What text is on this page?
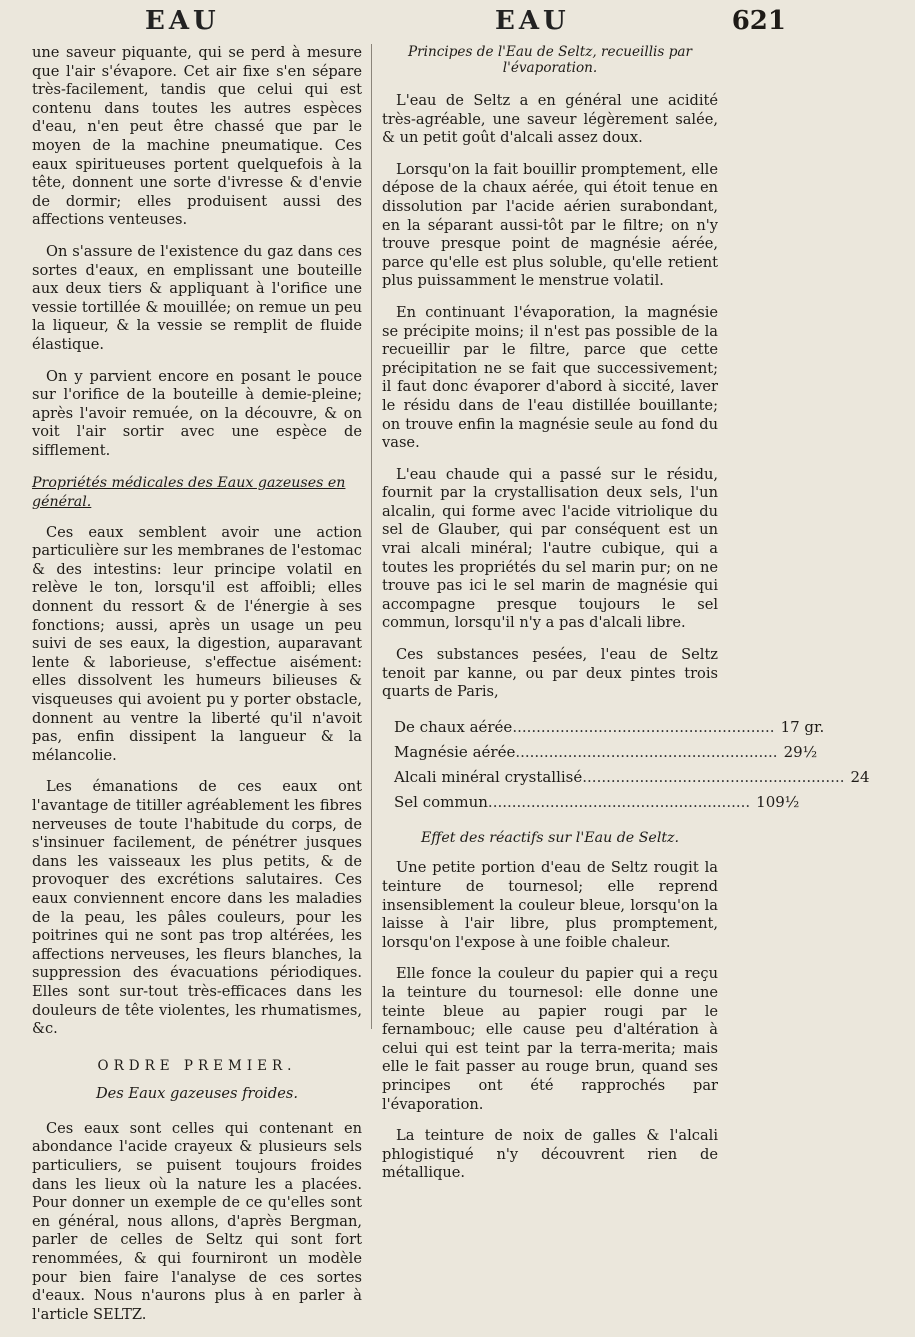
EAU	EAU	621

une saveur piquante, qui se perd à mesure que l'air s'évapore. Cet air fixe s'en sépare très-facilement, tandis que celui qui est contenu dans toutes les autres espèces d'eau, n'en peut être chassé que par le moyen de la machine pneumatique. Ces eaux spiritueuses portent quelquefois à la tête, donnent une sorte d'ivresse & d'envie de dormir; elles produisent aussi des affections venteuses.

On s'assure de l'existence du gaz dans ces sortes d'eaux, en emplissant une bouteille aux deux tiers & appliquant à l'orifice une vessie tortillée & mouillée; on remue un peu la liqueur, & la vessie se remplit de fluide élastique.

On y parvient encore en posant le pouce sur l'orifice de la bouteille à demie-pleine; après l'avoir remuée, on la découvre, & on voit l'air sortir avec une espèce de sifflement.

Propriétés médicales des Eaux gazeuses en général.

Ces eaux semblent avoir une action particulière sur les membranes de l'estomac & des intestins: leur principe volatil en relève le ton, lorsqu'il est affoibli; elles donnent du ressort & de l'énergie à ses fonctions; aussi, après un usage un peu suivi de ses eaux, la digestion, auparavant lente & laborieuse, s'effectue aisément: elles dissolvent les humeurs bilieuses & visqueuses qui avoient pu y porter obstacle, donnent au ventre la liberté qu'il n'avoit pas, enfin dissipent la langueur & la mélancolie.

Les émanations de ces eaux ont l'avantage de titiller agréablement les fibres nerveuses de toute l'habitude du corps, de s'insinuer facilement, de pénétrer jusques dans les vaisseaux les plus petits, & de provoquer des excrétions salutaires. Ces eaux conviennent encore dans les maladies de la peau, les pâles couleurs, pour les poitrines qui ne sont pas trop altérées, les affections nerveuses, les fleurs blanches, la suppression des évacuations périodiques. Elles sont sur-tout très-efficaces dans les douleurs de tête violentes, les rhumatismes, &c.

ORDRE PREMIER.
Des Eaux gazeuses froides.

Ces eaux sont celles qui contenant en abondance l'acide crayeux & plusieurs sels particuliers, se puisent toujours froides dans les lieux où la nature les a placées. Pour donner un exemple de ce qu'elles sont en général, nous allons, d'après Bergman, parler de celles de Seltz qui sont fort renommées, & qui fourniront un modèle pour bien faire l'analyse de ces sortes d'eaux. Nous n'aurons plus à en parler à l'article SELTZ.

Principes de l'Eau de Seltz, recueillis par l'évaporation.

L'eau de Seltz a en général une acidité très-agréable, une saveur légèrement salée, & un petit goût d'alcali assez doux.

Lorsqu'on la fait bouillir promptement, elle dépose de la chaux aérée, qui étoit tenue en dissolution par l'acide aérien surabondant, en la séparant aussi-tôt par le filtre; on n'y trouve presque point de magnésie aérée, parce qu'elle est plus soluble, qu'elle retient plus puissamment le menstrue volatil.

En continuant l'évaporation, la magnésie se précipite moins; il n'est pas possible de la recueillir par le filtre, parce que cette précipitation ne se fait que successivement; il faut donc évaporer d'abord à siccité, laver le résidu dans de l'eau distillée bouillante; on trouve enfin la magnésie seule au fond du vase.

L'eau chaude qui a passé sur le résidu, fournit par la crystallisation deux sels, l'un alcalin, qui forme avec l'acide vitriolique du sel de Glauber, qui par conséquent est un vrai alcali minéral; l'autre cubique, qui a toutes les propriétés du sel marin pur; on ne trouve pas ici le sel marin de magnésie qui accompagne presque toujours le sel commun, lorsqu'il n'y a pas d'alcali libre.

Ces substances pesées, l'eau de Seltz tenoit par kanne, ou par deux pintes trois quarts de Paris,

De chaux aérée ....................................................... 17 gr.
Magnésie aérée ....................................................... 29½
Alcali minéral crystallisé ....................................................... 24
Sel commun ....................................................... 109½
Effet des réactifs sur l'Eau de Seltz.

Une petite portion d'eau de Seltz rougit la teinture de tournesol; elle reprend insensiblement la couleur bleue, lorsqu'on la laisse à l'air libre, plus promptement, lorsqu'on l'expose à une foible chaleur.

Elle fonce la couleur du papier qui a reçu la teinture du tournesol: elle donne une teinte bleue au papier rougi par le fernambouc; elle cause peu d'altération à celui qui est teint par la terra-merita; mais elle le fait passer au rouge brun, quand ses principes ont été rapprochés par l'évaporation.

La teinture de noix de galles & l'alcali phlogistiqué n'y découvrent rien de métallique.
